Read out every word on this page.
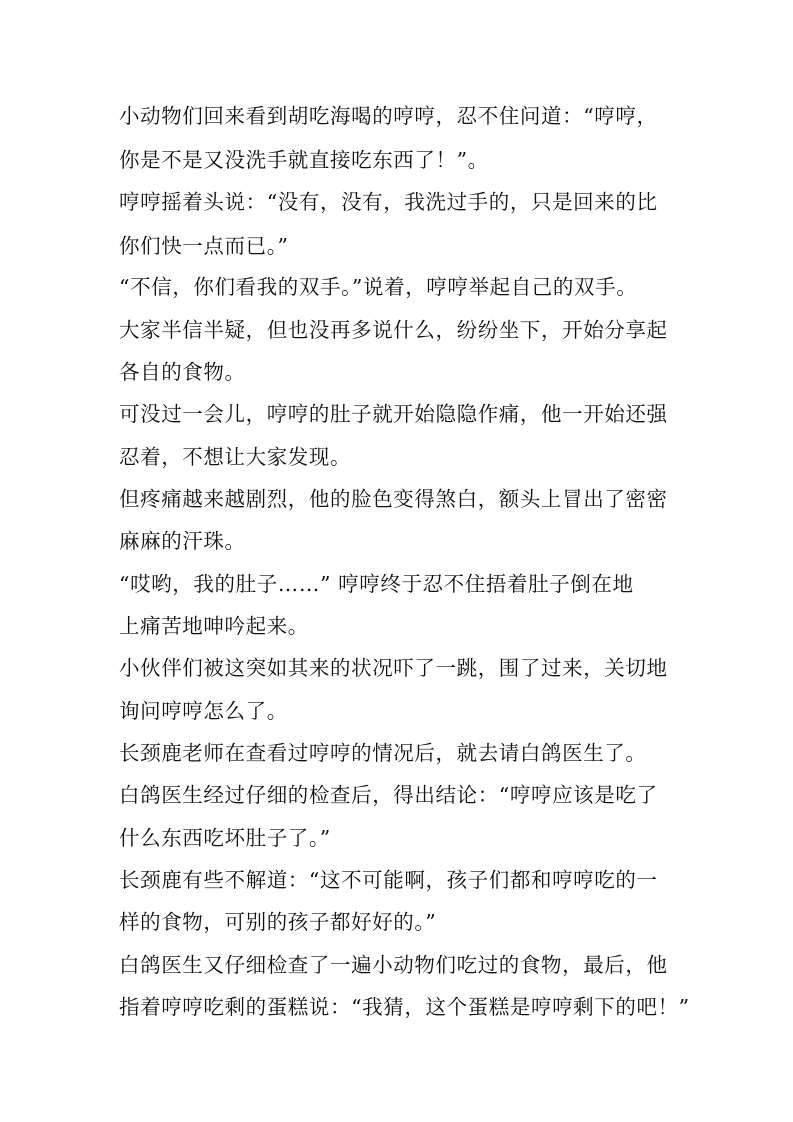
小动物们回来看到胡吃海喝的哼哼，忍不住问道：“哼哼，
你是不是又没洗手就直接吃东西了！”。
哼哼摇着头说：“没有，没有，我洗过手的，只是回来的比
你们快一点而已。”
“不信，你们看我的双手。”说着，哼哼举起自己的双手。
大家半信半疑，但也没再多说什么，纷纷坐下，开始分享起
各自的食物。
可没过一会儿，哼哼的肚子就开始隐隐作痛，他一开始还强
忍着，不想让大家发现。
但疼痛越来越剧烈，他的脸色变得煞白，额头上冒出了密密
麻麻的汗珠。
“哎哟，我的肚子……” 哼哼终于忍不住捂着肚子倒在地
上痛苦地呻吟起来。
小伙伴们被这突如其来的状况吓了一跳，围了过来，关切地
询问哼哼怎么了。
长颈鹿老师在查看过哼哼的情况后，就去请白鸽医生了。
白鸽医生经过仔细的检查后，得出结论：“哼哼应该是吃了
什么东西吃坏肚子了。”
长颈鹿有些不解道：“这不可能啊，孩子们都和哼哼吃的一
样的食物，可别的孩子都好好的。”
白鸽医生又仔细检查了一遍小动物们吃过的食物，最后，他
指着哼哼吃剩的蛋糕说：“我猜，这个蛋糕是哼哼剩下的吧！”
